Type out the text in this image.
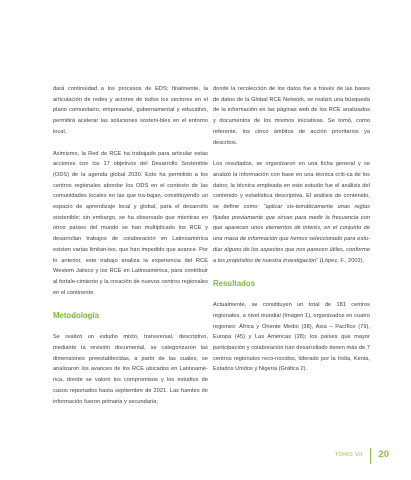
dará continuidad a los procesos de EDS; finalmente, la articulación de redes y actores de todos los sectores en el plano comunitario, empresarial, gubernamental y educativo, permitirá acelerar las soluciones sosteni-bles en el entorno local.

Asimismo, la Red de RCE ha trabajado para articular estas acciones con los 17 objetivos del Desarrollo Sostenible (ODS) de la agenda global 2030. Esto ha permitido a los centros regionales abordar los ODS en el contexto de las comunidades locales en las que tra-bajan, constituyendo un espacio de aprendizaje local y global, para el desarrollo sostenible; sin embargo, se ha observado que mientras en otros países del mundo se han multiplicado los RCE y desarrollan trabajos de colaboración en Latinoamérica existen varias limitan-tes, que han impedido que avance. Por lo anterior, este trabajo analiza la experiencia del RCE Western Jalisco y los RCE en Latinoamérica, para contribuir al fortale-cimiento y la creación de nuevos centros regionales en el continente.

Metodología

Se realizó un estudio mixto, transversal, descriptivo, mediante la revisión documental, se categorizaron las dimensiones preestablecidas, a partir de las cuales, se analizaron los avances de los RCE ubicados en Latinoamé-rica, donde se valoró los compromisos y los estudios de casos reportados hasta septiembre de 2021. Las fuentes de información fueron primaria y secundaria;

donde la recolección de los datos fue a través de las bases de datos de la Global RCE Network, se realizó una búsqueda de la información en las páginas web de los RCE analizados y documentos de los mismos iniciativas. Se tomó, como referente, los cinco ámbitos de acción prioritarios ya descritos.

Los resultados, se organizaron en una ficha general y se analizó la información con base en una técnica críti-ca de los datos; la técnica empleada en este estudio fue el análisis del contenido y estadística descriptiva. El análisis de contenido, se define como: "aplicar sis-temáticamente unas reglas fijadas previamente que sirvan para medir la frecuencia con que aparecen unos elementos de interés, en el conjunto de una masa de información que hemos seleccionado para estu-diar alguno de los aspectos que nos parecen útiles, conforme a los propósitos de nuestra investigación" (López, F., 2002).

Resultados

Actualmente, se constituyen un total de 181 centros regionales, a nivel mundial (Imagen 1), organizados en cuatro regiones: África y Oriente Medio (38), Asia – Pacífico (79), Europa (45) y Las Américas (28); los países que mayor participación y colaboración han desarrollado tienen más de 7 centros regionales reco-nocidos, liderado por la India, Kenia, Estados Unidos y Nigeria (Gráfica 2).

TOMO VII 20
